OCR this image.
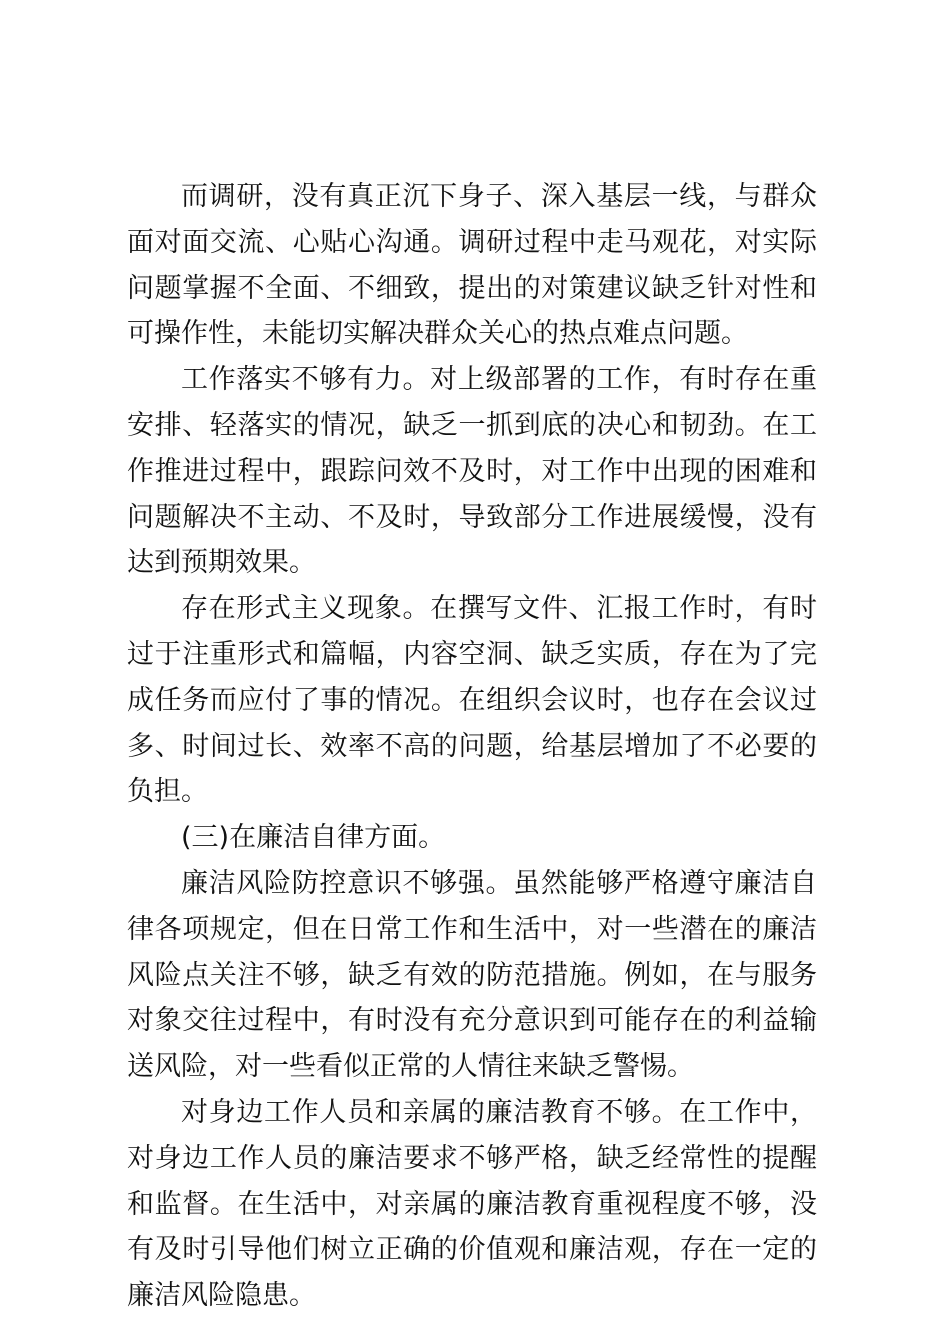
而调研，没有真正沉下身子、深入基层一线，与群众面对面交流、心贴心沟通。调研过程中走马观花，对实际问题掌握不全面、不细致，提出的对策建议缺乏针对性和可操作性，未能切实解决群众关心的热点难点问题。

工作落实不够有力。对上级部署的工作，有时存在重安排、轻落实的情况，缺乏一抓到底的决心和韧劲。在工作推进过程中，跟踪问效不及时，对工作中出现的困难和问题解决不主动、不及时，导致部分工作进展缓慢，没有达到预期效果。

存在形式主义现象。在撰写文件、汇报工作时，有时过于注重形式和篇幅，内容空洞、缺乏实质，存在为了完成任务而应付了事的情况。在组织会议时，也存在会议过多、时间过长、效率不高的问题，给基层增加了不必要的负担。

(三)在廉洁自律方面。

廉洁风险防控意识不够强。虽然能够严格遵守廉洁自律各项规定，但在日常工作和生活中，对一些潜在的廉洁风险点关注不够，缺乏有效的防范措施。例如，在与服务对象交往过程中，有时没有充分意识到可能存在的利益输送风险，对一些看似正常的人情往来缺乏警惕。

对身边工作人员和亲属的廉洁教育不够。在工作中，对身边工作人员的廉洁要求不够严格，缺乏经常性的提醒和监督。在生活中，对亲属的廉洁教育重视程度不够，没有及时引导他们树立正确的价值观和廉洁观，存在一定的廉洁风险隐患。
